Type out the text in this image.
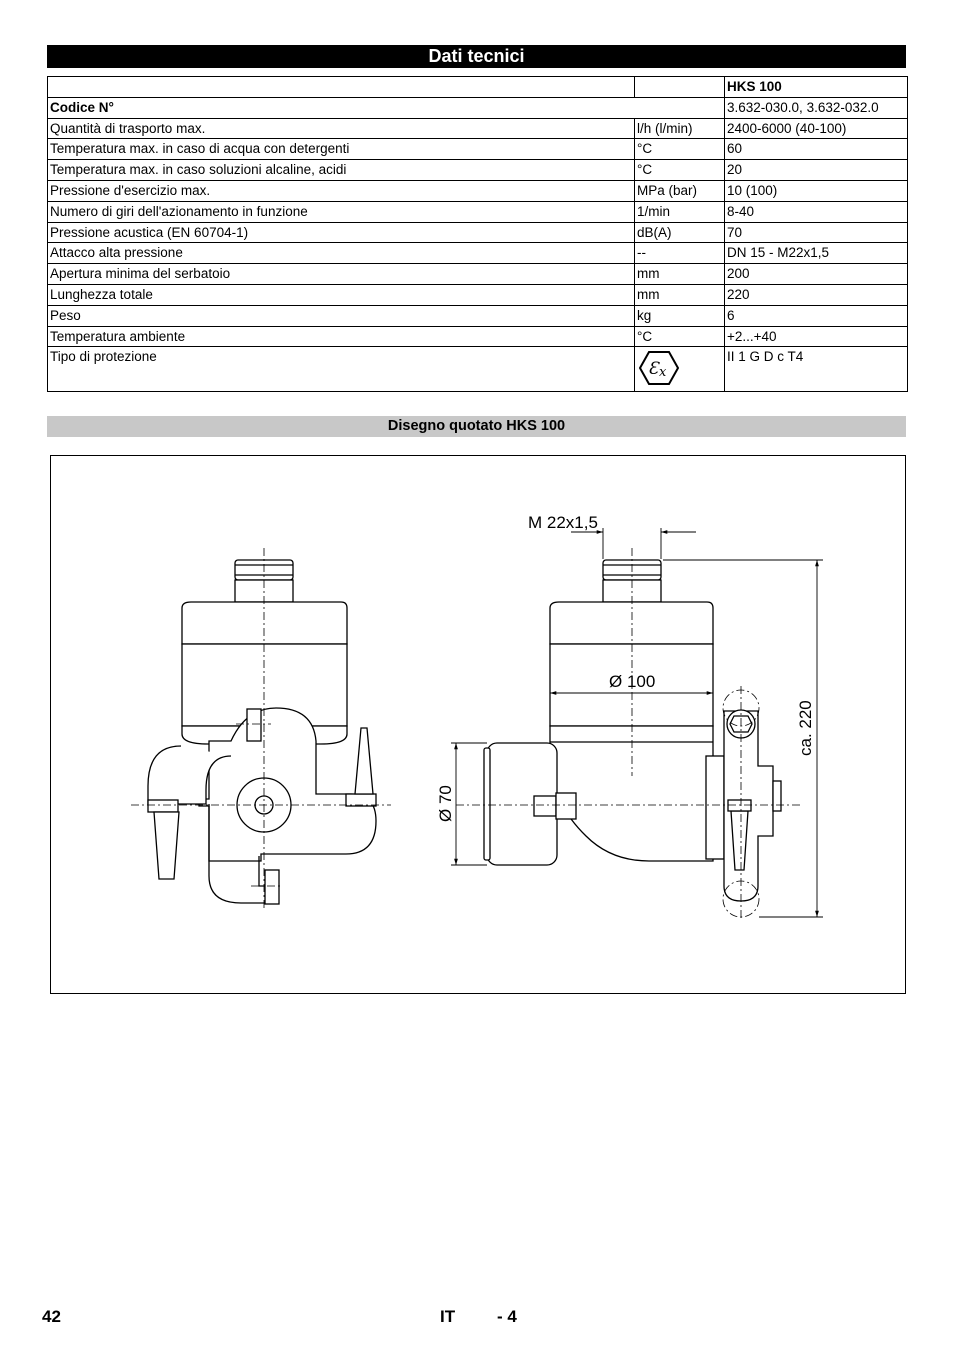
Dati tecnici
		HKS 100
Codice N°		3.632-030.0, 3.632-032.0
Quantità di trasporto max.	l/h (l/min)	2400-6000 (40-100)
Temperatura max. in caso di acqua con detergenti	°C	60
Temperatura max. in caso soluzioni alcaline, acidi	°C	20
Pressione d'esercizio max.	MPa (bar)	10 (100)
Numero di giri dell'azionamento in funzione	1/min	8-40
Pressione acustica (EN 60704-1)	dB(A)	70
Attacco alta pressione	--	DN 15 - M22x1,5
Apertura minima del serbatoio	mm	200
Lunghezza totale	mm	220
Peso	kg	6
Temperatura ambiente	°C	+2...+40
Tipo di protezione	Ɛ x	II 1 G D c T4
Disegno quotato HKS 100
M 22x1,5
Ø 100
Ø 70
ca. 220
42	IT - 4
